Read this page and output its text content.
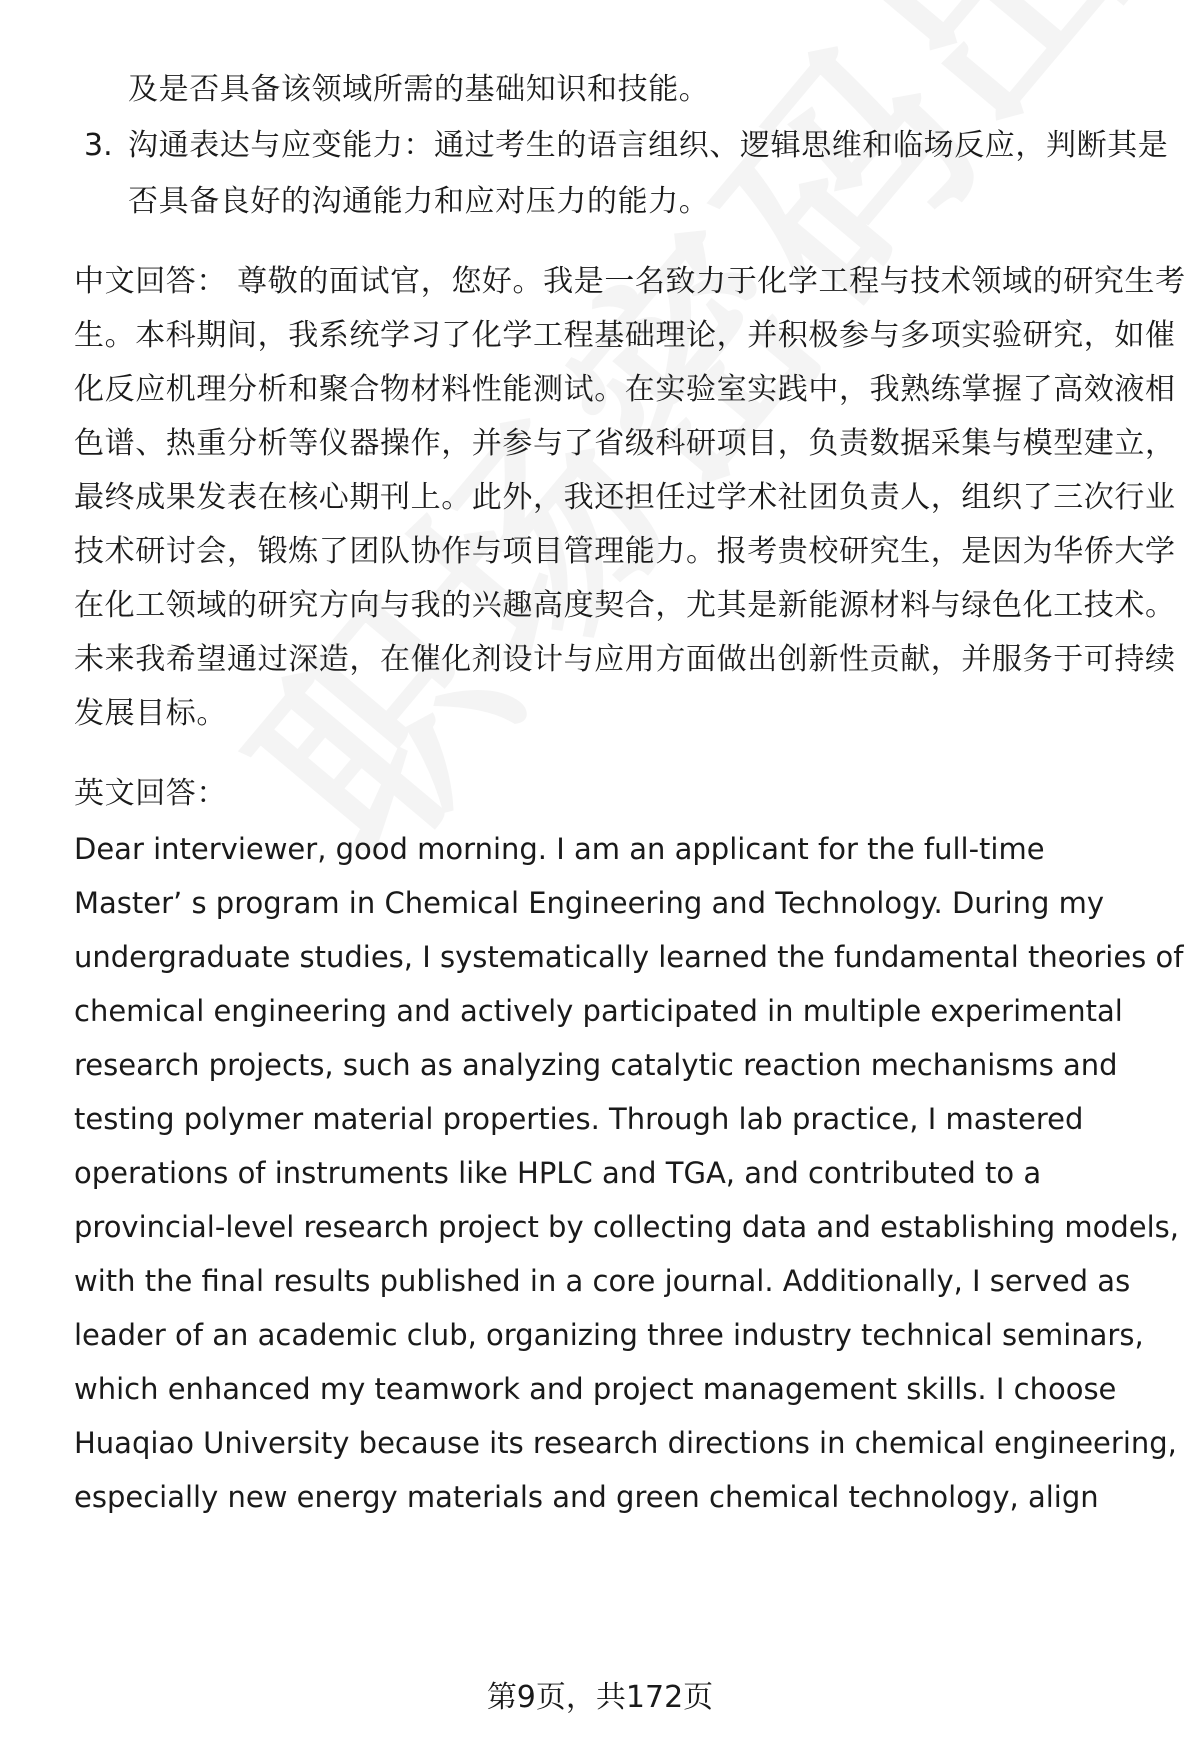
及是否具备该领域所需的基础知识和技能。
3. 沟通表达与应变能力：通过考生的语言组织、逻辑思维和临场反应，判断其是
否具备良好的沟通能力和应对压力的能力。
中文回答： 尊敬的面试官，您好。我是一名致力于化学工程与技术领域的研究生考
生。本科期间，我系统学习了化学工程基础理论，并积极参与多项实验研究，如催
化反应机理分析和聚合物材料性能测试。在实验室实践中，我熟练掌握了高效液相
色谱、热重分析等仪器操作，并参与了省级科研项目，负责数据采集与模型建立，
最终成果发表在核心期刊上。此外，我还担任过学术社团负责人，组织了三次行业
技术研讨会，锻炼了团队协作与项目管理能力。报考贵校研究生，是因为华侨大学
在化工领域的研究方向与我的兴趣高度契合，尤其是新能源材料与绿色化工技术。
未来我希望通过深造，在催化剂设计与应用方面做出创新性贡献，并服务于可持续
发展目标。
英文回答：
Dear interviewer, good morning. I am an applicant for the full-time
Master’ s program in Chemical Engineering and Technology. During my
undergraduate studies, I systematically learned the fundamental theories of
chemical engineering and actively participated in multiple experimental
research projects, such as analyzing catalytic reaction mechanisms and
testing polymer material properties. Through lab practice, I mastered
operations of instruments like HPLC and TGA, and contributed to a
provincial-level research project by collecting data and establishing models,
with the final results published in a core journal. Additionally, I served as
leader of an academic club, organizing three industry technical seminars,
which enhanced my teamwork and project management skills. I choose
Huaqiao University because its research directions in chemical engineering,
especially new energy materials and green chemical technology, align
第9页，共172页
